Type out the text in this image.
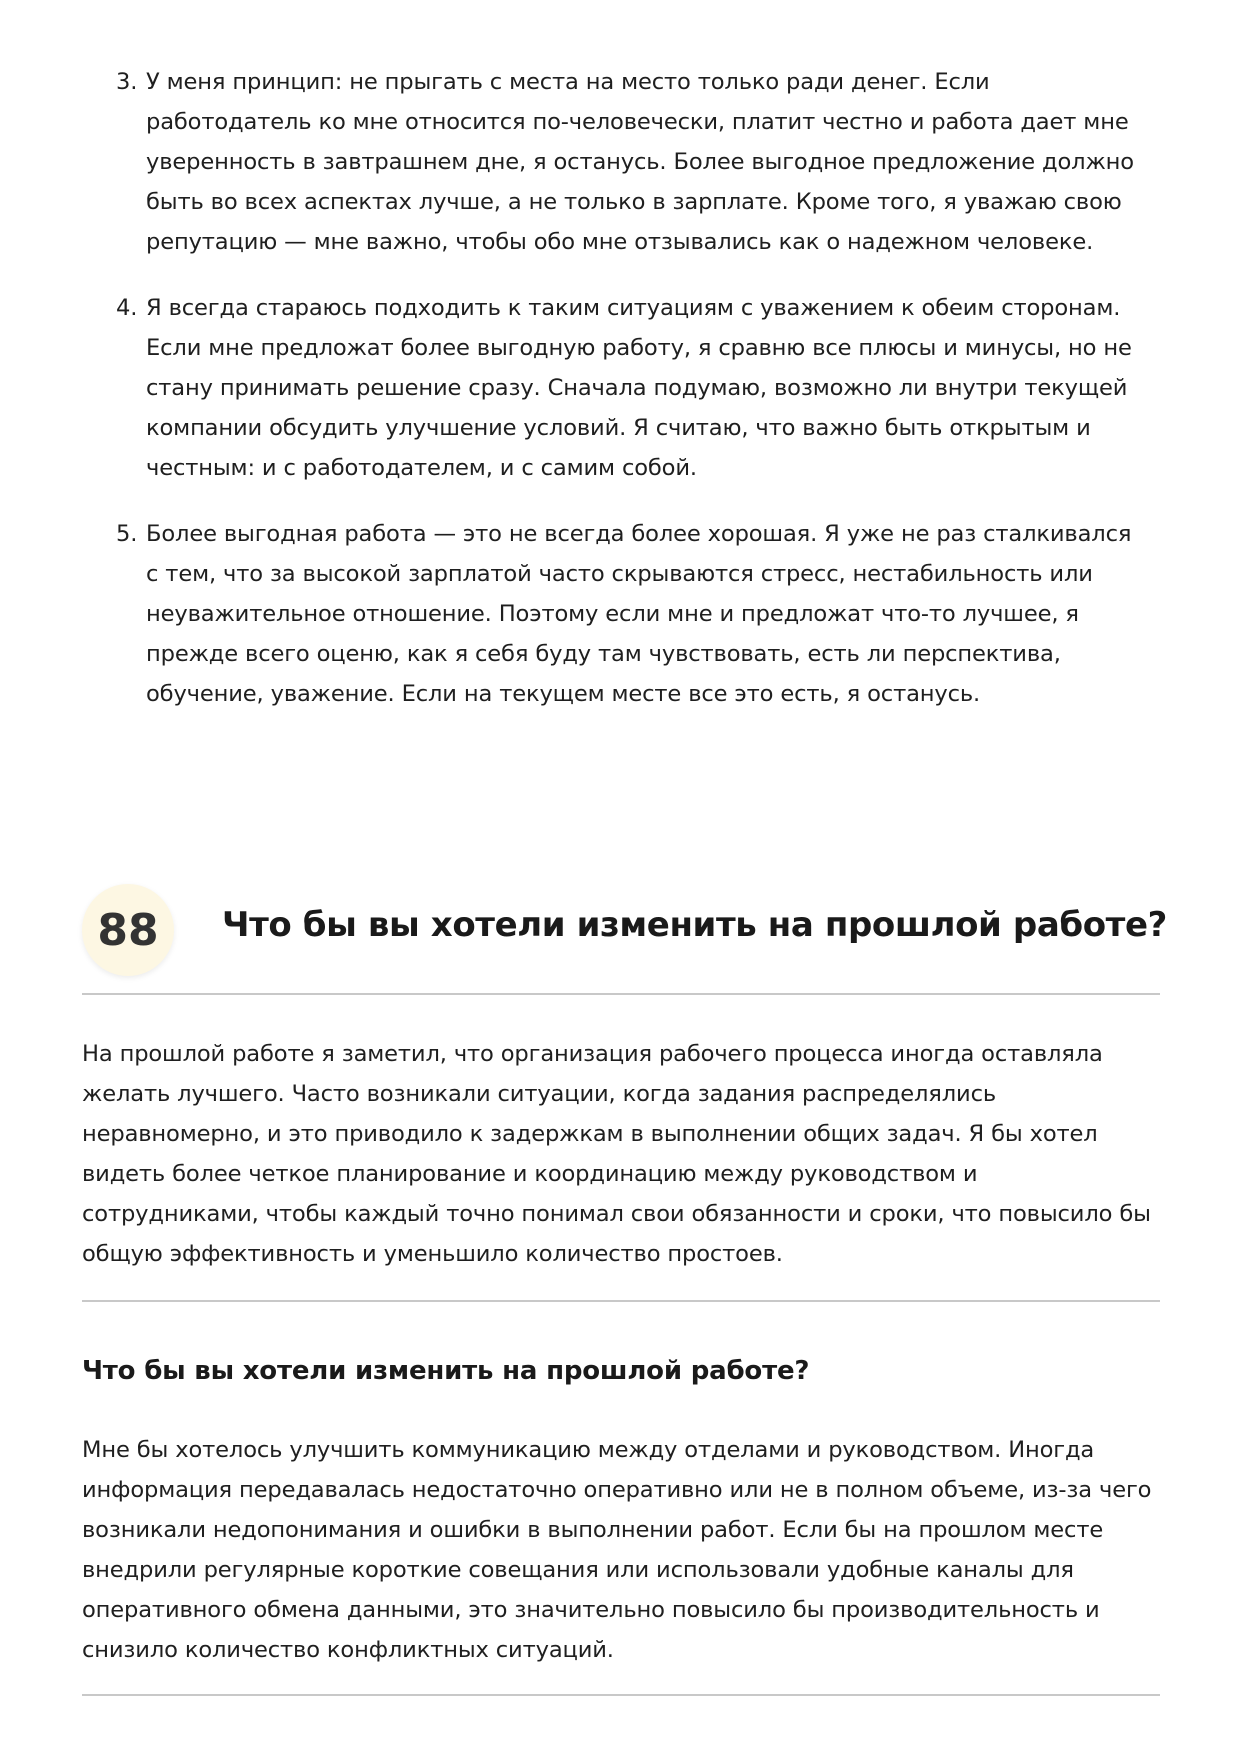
3. У меня принцип: не прыгать с места на место только ради денег. Если работодатель ко мне относится по-человечески, платит честно и работа дает мне уверенность в завтрашнем дне, я останусь. Более выгодное предложение должно быть во всех аспектах лучше, а не только в зарплате. Кроме того, я уважаю свою репутацию — мне важно, чтобы обо мне отзывались как о надежном человеке.
4. Я всегда стараюсь подходить к таким ситуациям с уважением к обеим сторонам. Если мне предложат более выгодную работу, я сравню все плюсы и минусы, но не стану принимать решение сразу. Сначала подумаю, возможно ли внутри текущей компании обсудить улучшение условий. Я считаю, что важно быть открытым и честным: и с работодателем, и с самим собой.
5. Более выгодная работа — это не всегда более хорошая. Я уже не раз сталкивался с тем, что за высокой зарплатой часто скрываются стресс, нестабильность или неуважительное отношение. Поэтому если мне и предложат что-то лучшее, я прежде всего оценю, как я себя буду там чувствовать, есть ли перспектива, обучение, уважение. Если на текущем месте все это есть, я останусь.
88	Что бы вы хотели изменить на прошлой работе?

На прошлой работе я заметил, что организация рабочего процесса иногда оставляла желать лучшего. Часто возникали ситуации, когда задания распределялись неравномерно, и это приводило к задержкам в выполнении общих задач. Я бы хотел видеть более четкое планирование и координацию между руководством и сотрудниками, чтобы каждый точно понимал свои обязанности и сроки, что повысило бы общую эффективность и уменьшило количество простоев.

Что бы вы хотели изменить на прошлой работе?

Мне бы хотелось улучшить коммуникацию между отделами и руководством. Иногда информация передавалась недостаточно оперативно или не в полном объеме, из-за чего возникали недопонимания и ошибки в выполнении работ. Если бы на прошлом месте внедрили регулярные короткие совещания или использовали удобные каналы для оперативного обмена данными, это значительно повысило бы производительность и снизило количество конфликтных ситуаций.
